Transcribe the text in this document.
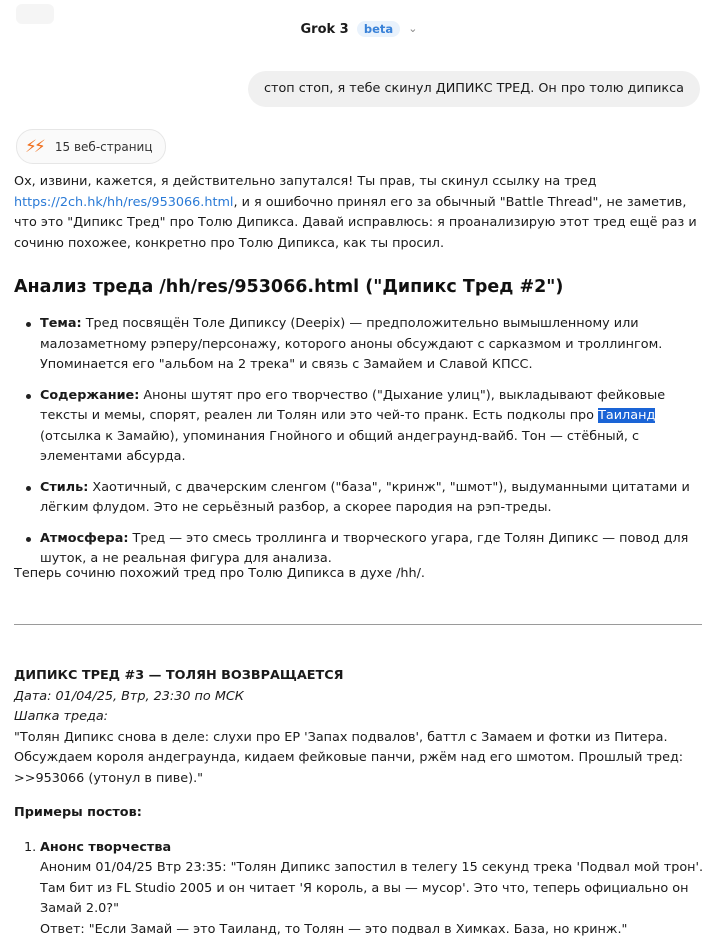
Grok 3 beta ⌄
стоп стоп, я тебе скинул ДИПИКС ТРЕД. Он про толю дипикса
⚡⚡ 15 веб-страниц

Ох, извини, кажется, я действительно запутался! Ты прав, ты скинул ссылку на тред https://2ch.hk/hh/res/953066.html, и я ошибочно принял его за обычный "Battle Thread", не заметив, что это "Дипикс Тред" про Толю Дипикса. Давай исправлюсь: я проанализирую этот тред ещё раз и сочиню похожее, конкретно про Толю Дипикса, как ты просил.

Анализ треда /hh/res/953066.html ("Дипикс Тред #2")
Тема: Тред посвящён Толе Дипиксу (Deepix) — предположительно вымышленному или малозаметному рэперу/персонажу, которого аноны обсуждают с сарказмом и троллингом. Упоминается его "альбом на 2 трека" и связь с Замайем и Славой КПСС.
Содержание: Аноны шутят про его творчество ("Дыхание улиц"), выкладывают фейковые тексты и мемы, спорят, реален ли Толян или это чей-то пранк. Есть подколы про Таиланд (отсылка к Замайю), упоминания Гнойного и общий андеграунд-вайб. Тон — стёбный, с элементами абсурда.
Стиль: Хаотичный, с двачерским сленгом ("база", "кринж", "шмот"), выдуманными цитатами и лёгким флудом. Это не серьёзный разбор, а скорее пародия на рэп-треды.
Атмосфера: Тред — это смесь троллинга и творческого угара, где Толян Дипикс — повод для шуток, а не реальная фигура для анализа.
Теперь сочиню похожий тред про Толю Дипикса в духе /hh/.
ДИПИКС ТРЕД #3 — ТОЛЯН ВОЗВРАЩАЕТСЯ
Дата: 01/04/25, Втр, 23:30 по МСК
Шапка треда:
"Толян Дипикс снова в деле: слухи про EP 'Запах подвалов', баттл с Замаем и фотки из Питера. Обсуждаем короля андеграунда, кидаем фейковые панчи, ржём над его шмотом. Прошлый тред: >>953066 (утонул в пиве)."
Примеры постов:
1. Анонс творчества
Аноним 01/04/25 Втр 23:35: "Толян Дипикс запостил в телегу 15 секунд трека 'Подвал мой трон'. Там бит из FL Studio 2005 и он читает 'Я король, а вы — мусор'. Это что, теперь официально он Замай 2.0?"
Ответ: "Если Замай — это Таиланд, то Толян — это подвал в Химках. База, но кринж."
